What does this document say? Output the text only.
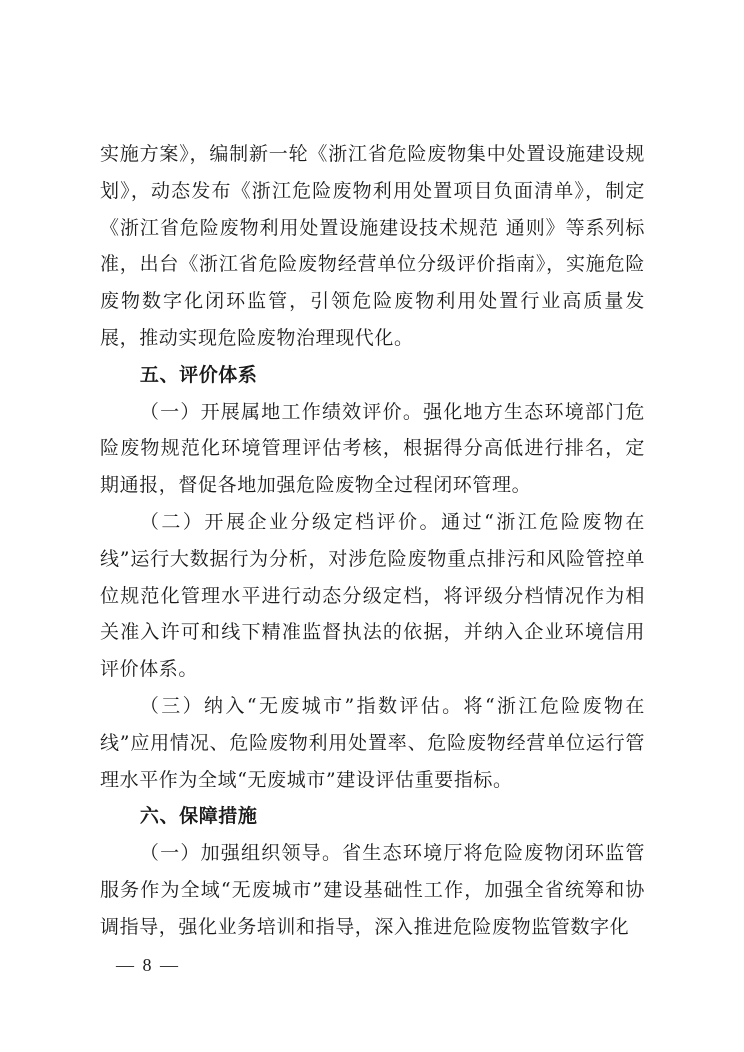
实施方案》，编制新一轮《浙江省危险废物集中处置设施建设规划》，动态发布《浙江危险废物利用处置项目负面清单》，制定《浙江省危险废物利用处置设施建设技术规范 通则》等系列标准，出台《浙江省危险废物经营单位分级评价指南》，实施危险废物数字化闭环监管，引领危险废物利用处置行业高质量发展，推动实现危险废物治理现代化。

五、评价体系

（一）开展属地工作绩效评价。强化地方生态环境部门危险废物规范化环境管理评估考核，根据得分高低进行排名，定期通报，督促各地加强危险废物全过程闭环管理。

（二）开展企业分级定档评价。通过“浙江危险废物在线”运行大数据行为分析，对涉危险废物重点排污和风险管控单位规范化管理水平进行动态分级定档，将评级分档情况作为相关准入许可和线下精准监督执法的依据，并纳入企业环境信用评价体系。

（三）纳入“无废城市”指数评估。将“浙江危险废物在线”应用情况、危险废物利用处置率、危险废物经营单位运行管理水平作为全域“无废城市”建设评估重要指标。

六、保障措施

（一）加强组织领导。省生态环境厅将危险废物闭环监管服务作为全域“无废城市”建设基础性工作，加强全省统筹和协调指导，强化业务培训和指导，深入推进危险废物监管数字化

— 8 —
